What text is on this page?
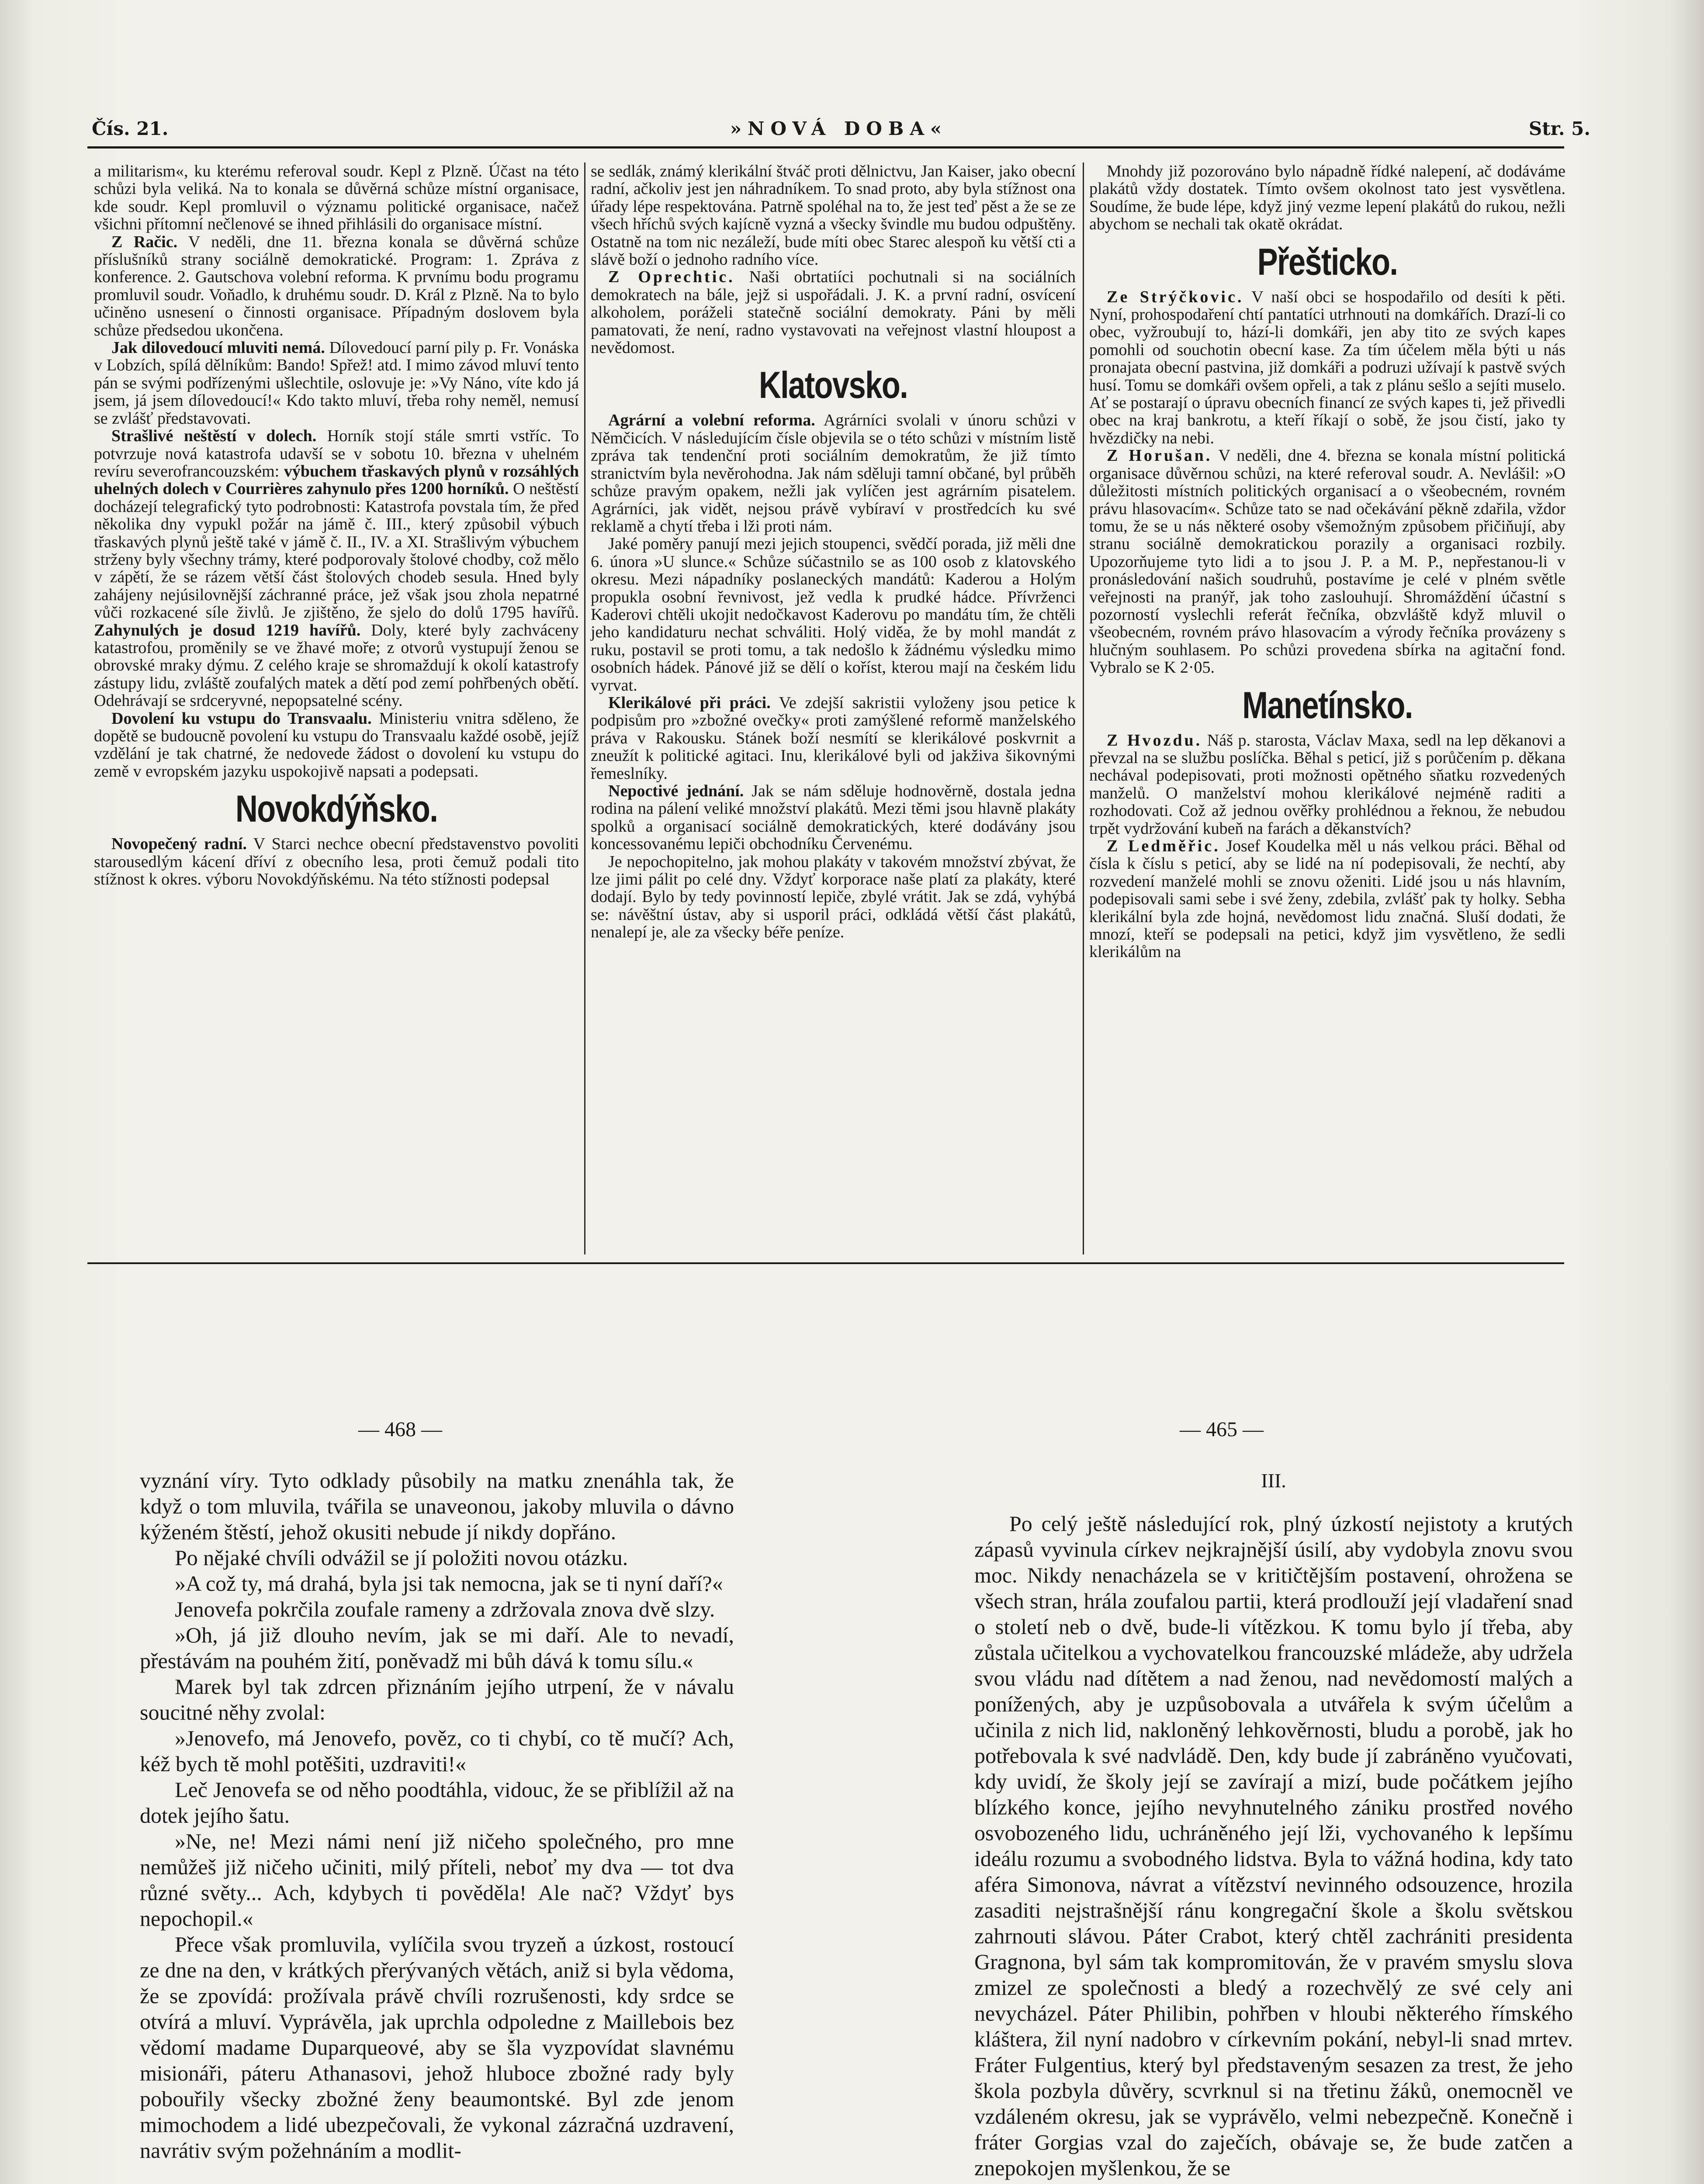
Čís. 21.	»NOVÁ DOBA«	Str. 5.

a militarism«, ku kterému referoval soudr. Kepl z Plzně. Účast na této schůzi byla veliká. Na to konala se důvěrná schůze místní organisace, kde soudr. Kepl promluvil o významu politické organisace, načež všichni přítomní nečlenové se ihned přihlásili do organisace místní.

Z Račic. V neděli, dne 11. března konala se důvěrná schůze příslušníků strany sociálně demokratické. Program: 1. Zpráva z konference. 2. Gautschova volební reforma. K prvnímu bodu programu promluvil soudr. Voňadlo, k druhému soudr. D. Král z Plzně. Na to bylo učiněno usnesení o činnosti organisace. Případným doslovem byla schůze předsedou ukončena.

Jak dilovedoucí mluviti nemá. Dílovedoucí parní pily p. Fr. Vonáska v Lobzích, spílá dělníkům: Bando! Spřež! atd. I mimo závod mluví tento pán se svými podřízenými ušlechtile, oslovuje je: »Vy Náno, víte kdo já jsem, já jsem dílovedoucí!« Kdo takto mluví, třeba rohy neměl, nemusí se zvlášť představovati.

Strašlivé neštěstí v dolech. Horník stojí stále smrti vstříc. To potvrzuje nová katastrofa udavší se v sobotu 10. března v uhelném revíru severofrancouzském: výbuchem třaskavých plynů v rozsáhlých uhelných dolech v Courrières zahynulo přes 1200 horníků. O neštěstí docházejí telegrafický tyto podrobnosti: Katastrofa povstala tím, že před několika dny vypukl požár na jámě č. III., který způsobil výbuch třaskavých plynů ještě také v jámě č. II., IV. a XI. Strašlivým výbuchem strženy byly všechny trámy, které podporovaly štolové chodby, což mělo v zápětí, že se rázem větší část štolových chodeb sesula. Hned byly zahájeny nejúsilovnější záchranné práce, jež však jsou zhola nepatrné vůči rozkacené síle živlů. Je zjištěno, že sjelo do dolů 1795 havířů. Zahynulých je dosud 1219 havířů. Doly, které byly zachváceny katastrofou, proměnily se ve žhavé moře; z otvorů vystupují ženou se obrovské mraky dýmu. Z celého kraje se shromaždují k okolí katastrofy zástupy lidu, zvláště zoufalých matek a dětí pod zemí pohřbených obětí. Odehrávají se srdceryvné, nepopsatelné scény.

Dovolení ku vstupu do Transvaalu. Ministeriu vnitra sděleno, že dopětě se budoucně povolení ku vstupu do Transvaalu každé osobě, jejíž vzdělání je tak chatrné, že nedovede žádost o dovolení ku vstupu do země v evropském jazyku uspokojivě napsati a podepsati.

Novokdýňsko.

Novopečený radní. V Starci nechce obecní představenstvo povoliti starousedlým kácení dříví z obecního lesa, proti čemuž podali tito stížnost k okres. výboru Novokdýňskému. Na této stížnosti podepsal

se sedlák, známý klerikální štváč proti dělnictvu, Jan Kaiser, jako obecní radní, ačkoliv jest jen náhradníkem. To snad proto, aby byla stížnost ona úřady lépe respektována. Patrně spoléhal na to, že jest teď pěst a že se ze všech hříchů svých kajícně vyzná a všecky švindle mu budou odpuštěny. Ostatně na tom nic nezáleží, bude míti obec Starec alespoň ku větší cti a slávě boží o jednoho radního více.

Z Oprechtic. Naši obrtatiíci pochutnali si na sociálních demokratech na bále, jejž si uspořádali. J. K. a první radní, osvícení alkoholem, poráželi statečně sociální demokraty. Páni by měli pamatovati, že není, radno vystavovati na veřejnost vlastní hloupost a nevědomost.

Klatovsko.

Agrární a volební reforma. Agrárníci svolali v únoru schůzi v Němčicích. V následujícím čísle objevila se o této schůzi v místním listě zpráva tak tendenční proti sociálním demokratům, že již tímto stranictvím byla nevěrohodna. Jak nám sděluji tamní občané, byl průběh schůze pravým opakem, nežli jak vylíčen jest agrárním pisatelem. Agrárníci, jak vidět, nejsou právě vybíraví v prostředcích ku své reklamě a chytí třeba i lži proti nám.

Jaké poměry panují mezi jejich stoupenci, svědčí porada, již měli dne 6. února »U slunce.« Schůze súčastnilo se as 100 osob z klatovského okresu. Mezi nápadníky poslaneckých mandátů: Kaderou a Holým propukla osobní řevnivost, jež vedla k prudké hádce. Přívrženci Kaderovi chtěli ukojit nedočkavost Kaderovu po mandátu tím, že chtěli jeho kandidaturu nechat schváliti. Holý viděa, že by mohl mandát z ruku, postavil se proti tomu, a tak nedošlo k žádnému výsledku mimo osobních hádek. Pánové již se dělí o koříst, kterou mají na českém lidu vyrvat.

Klerikálové při práci. Ve zdejší sakristii vyloženy jsou petice k podpisům pro »zbožné ovečky« proti zamýšlené reformě manželského práva v Rakousku. Stánek boží nesmítí se klerikálové poskvrnit a zneužít k politické agitaci. Inu, klerikálové byli od jakživa šikovnými řemeslníky.

Nepoctivé jednání. Jak se nám sděluje hodnověrně, dostala jedna rodina na pálení veliké množství plakátů. Mezi těmi jsou hlavně plakáty spolků a organisací sociálně demokratických, které dodávány jsou koncessovanému lepiči obchodníku Červenému.

Je nepochopitelno, jak mohou plakáty v takovém množství zbývat, že lze jimi pálit po celé dny. Vždyť korporace naše platí za plakáty, které dodají. Bylo by tedy povinností lepiče, zbylé vrátit. Jak se zdá, vyhýbá se: návěštní ústav, aby si usporil práci, odkládá větší část plakátů, nenalepí je, ale za všecky béře peníze.

Mnohdy již pozorováno bylo nápadně řídké nalepení, ač dodáváme plakátů vždy dostatek. Tímto ovšem okolnost tato jest vysvětlena. Soudíme, že bude lépe, když jiný vezme lepení plakátů do rukou, nežli abychom se nechali tak okatě okrádat.

Přešticko.

Ze Strýčkovic. V naší obci se hospodařilo od desíti k pěti. Nyní, prohospodaření chtí pantatíci utrhnouti na domkářích. Drazí-li co obec, vyžroubují to, hází-li domkáři, jen aby tito ze svých kapes pomohli od souchotin obecní kase. Za tím účelem měla býti u nás pronajata obecní pastvina, již domkáři a podruzi užívají k pastvě svých husí. Tomu se domkáři ovšem opřeli, a tak z plánu sešlo a sejíti muselo. Ať se postarají o úpravu obecních financí ze svých kapes ti, jež přivedli obec na kraj bankrotu, a kteří říkají o sobě, že jsou čistí, jako ty hvězdičky na nebi.

Z Horušan. V neděli, dne 4. března se konala místní politická organisace důvěrnou schůzi, na které referoval soudr. A. Nevlášil: »O důležitosti místních politických organisací a o všeobecném, rovném právu hlasovacím«. Schůze tato se nad očekávání pěkně zdařila, vždor tomu, že se u nás některé osoby všemožným způsobem přičiňují, aby stranu sociálně demokratickou porazily a organisaci rozbily. Upozorňujeme tyto lidi a to jsou J. P. a M. P., nepřestanou-li v pronásledování našich soudruhů, postavíme je celé v plném světle veřejnosti na pranýř, jak toho zaslouhují. Shromáždění účastní s pozorností vyslechli referát řečníka, obzvláště když mluvil o všeobecném, rovném právo hlasovacím a výrody řečníka provázeny s hlučným souhlasem. Po schůzi provedena sbírka na agitační fond. Vybralo se K 2·05.

Manetínsko.

Z Hvozdu. Náš p. starosta, Václav Maxa, sedl na lep děkanovi a převzal na se službu poslíčka. Běhal s peticí, již s porůčením p. děkana nechával podepisovati, proti možnosti opětného sňatku rozvedených manželů. O manželství mohou klerikálové nejméně raditi a rozhodovati. Což až jednou ověřky prohlédnou a řeknou, že nebudou trpět vydržování kubeň na farách a děkanstvích?

Z Ledměřic. Josef Koudelka měl u nás velkou práci. Běhal od čísla k číslu s peticí, aby se lidé na ní podepisovali, že nechtí, aby rozvedení manželé mohli se znovu oženiti. Lidé jsou u nás hlavním, podepisovali sami sebe i své ženy, zdebila, zvlášť pak ty holky. Sebha klerikální byla zde hojná, nevědomost lidu značná. Sluší dodati, že mnozí, kteří se podepsali na petici, když jim vysvětleno, že sedli klerikálům na

— 468 —

vyznání víry. Tyto odklady působily na matku znenáhla tak, že když o tom mluvila, tvářila se unaveonou, jakoby mluvila o dávno kýženém štěstí, jehož okusiti nebude jí nikdy dopřáno.

Po nějaké chvíli odvážil se jí položiti novou otázku.

»A což ty, má drahá, byla jsi tak nemocna, jak se ti nyní daří?«

Jenovefa pokrčila zoufale rameny a zdržovala znova dvě slzy.

»Oh, já již dlouho nevím, jak se mi daří. Ale to nevadí, přestávám na pouhém žití, poněvadž mi bůh dává k tomu sílu.«

Marek byl tak zdrcen přiznáním jejího utrpení, že v návalu soucitné něhy zvolal:

»Jenovefo, má Jenovefo, pověz, co ti chybí, co tě mučí? Ach, kéž bych tě mohl potěšiti, uzdraviti!«

Leč Jenovefa se od něho poodtáhla, vidouc, že se přiblížil až na dotek jejího šatu.

»Ne, ne! Mezi námi není již ničeho společného, pro mne nemůžeš již ničeho učiniti, milý příteli, neboť my dva — tot dva různé světy... Ach, kdybych ti pověděla! Ale nač? Vždyť bys nepochopil.«

Přece však promluvila, vylíčila svou tryzeň a úzkost, rostoucí ze dne na den, v krátkých přerývaných větách, aniž si byla vědoma, že se zpovídá: prožívala právě chvíli rozrušenosti, kdy srdce se otvírá a mluví. Vyprávěla, jak uprchla odpoledne z Maillebois bez vědomí madame Duparqueové, aby se šla vyzpovídat slavnému misionáři, páteru Athanasovi, jehož hluboce zbožné rady byly pobouřily všecky zbožné ženy beaumontské. Byl zde jenom mimochodem a lidé ubezpečovali, že vykonal zázračná uzdravení, navrátiv svým požehnáním a modlit-

— 465 —
III.

Po celý ještě následující rok, plný úzkostí nejistoty a krutých zápasů vyvinula církev nejkrajnější úsilí, aby vydobyla znovu svou moc. Nikdy nenacházela se v kritičtějším postavení, ohrožena se všech stran, hrála zoufalou partii, která prodlouží její vladaření snad o století neb o dvě, bude-li vítězkou. K tomu bylo jí třeba, aby zůstala učitelkou a vychovatelkou francouzské mládeže, aby udržela svou vládu nad dítětem a nad ženou, nad nevědomostí malých a ponížených, aby je uzpůsobovala a utvářela k svým účelům a učinila z nich lid, nakloněný lehkověrnosti, bludu a porobě, jak ho potřebovala k své nadvládě. Den, kdy bude jí zabráněno vyučovati, kdy uvidí, že školy její se zavírají a mizí, bude počátkem jejího blízkého konce, jejího nevyhnutelného zániku prostřed nového osvobozeného lidu, uchráněného její lži, vychovaného k lepšímu ideálu rozumu a svobodného lidstva. Byla to vážná hodina, kdy tato aféra Simonova, návrat a vítězství nevinného odsouzence, hrozila zasaditi nejstrašnější ránu kongregační škole a školu světskou zahrnouti slávou. Páter Crabot, který chtěl zachrániti presidenta Gragnona, byl sám tak kompromitován, že v pravém smyslu slova zmizel ze společnosti a bledý a rozechvělý ze své cely ani nevycházel. Páter Philibin, pohřben v hloubi některého římského kláštera, žil nyní nadobro v církevním pokání, nebyl-li snad mrtev. Fráter Fulgentius, který byl představeným sesazen za trest, že jeho škola pozbyla důvěry, scvrknul si na třetinu žáků, onemocněl ve vzdáleném okresu, jak se vyprávělo, velmi nebezpečně. Konečně i fráter Gorgias vzal do zaječích, obávaje se, že bude zatčen a znepokojen myšlenkou, že se
